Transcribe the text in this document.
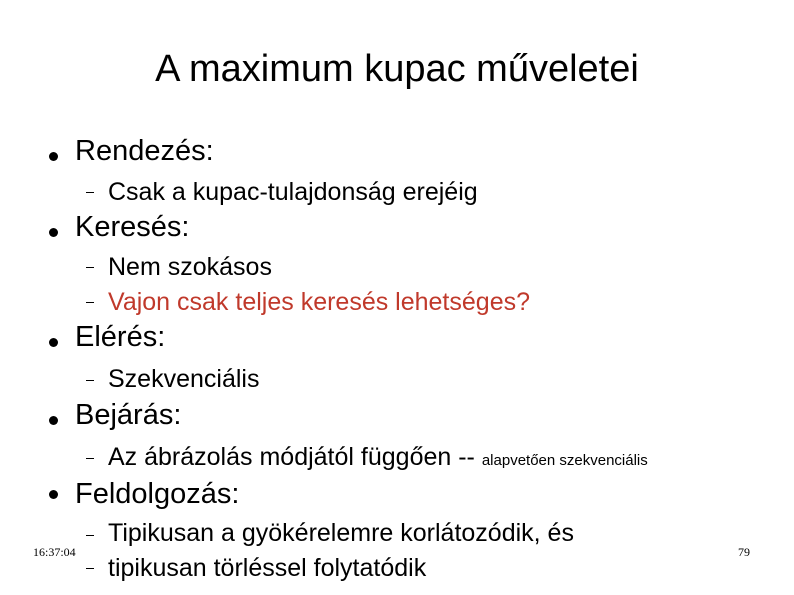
A maximum kupac műveletei
Rendezés:
Csak a kupac-tulajdonság erejéig
Keresés:
Nem szokásos
Vajon csak teljes keresés lehetséges?
Elérés:
Szekvenciális
Bejárás:
Az ábrázolás módjától függően -- alapvetően szekvenciális
Feldolgozás:
Tipikusan a gyökérelemre korlátozódik, és
tipikusan törléssel folytatódik
16:37:04	79
